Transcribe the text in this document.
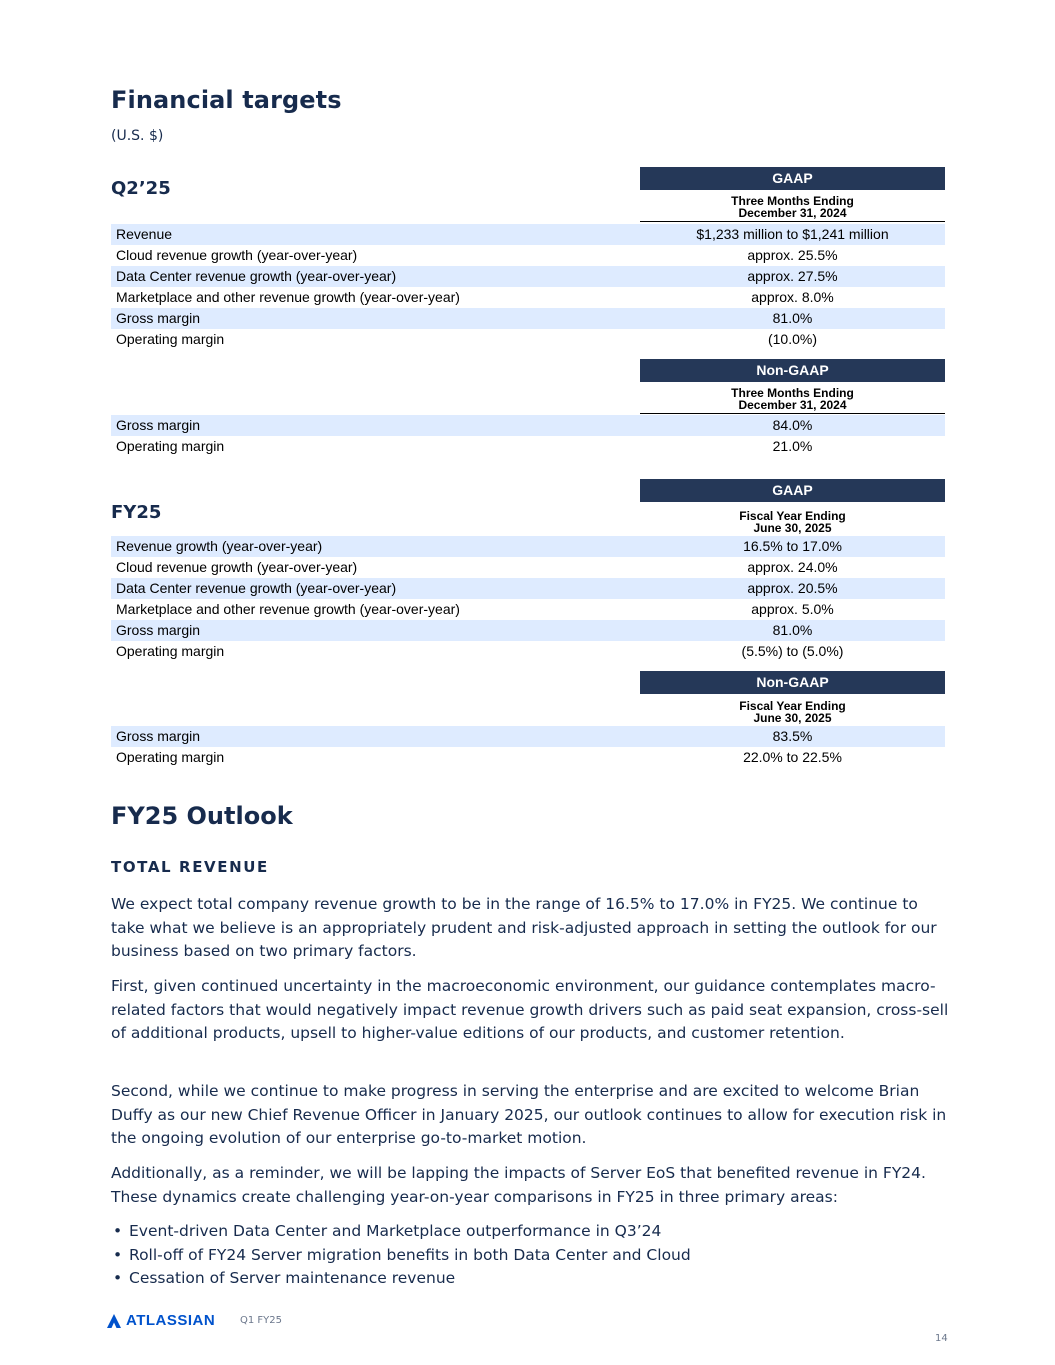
Financial targets
(U.S. $)
Q2’25	GAAP
Three Months Ending
December 31, 2024
Revenue	$1,233 million to $1,241 million
Cloud revenue growth (year-over-year)	approx. 25.5%
Data Center revenue growth (year-over-year)	approx. 27.5%
Marketplace and other revenue growth (year-over-year)	approx. 8.0%
Gross margin	81.0%
Operating margin	(10.0%)
Non-GAAP
Three Months Ending
December 31, 2024
Gross margin	84.0%
Operating margin	21.0%
FY25
GAAP
Fiscal Year Ending
June 30, 2025
Revenue growth (year-over-year)	16.5% to 17.0%
Cloud revenue growth (year-over-year)	approx. 24.0%
Data Center revenue growth (year-over-year)	approx. 20.5%
Marketplace and other revenue growth (year-over-year)	approx. 5.0%
Gross margin	81.0%
Operating margin	(5.5%) to (5.0%)
Non-GAAP
Fiscal Year Ending
June 30, 2025
Gross margin	83.5%
Operating margin	22.0% to 22.5%
FY25 Outlook
TOTAL REVENUE

We expect total company revenue growth to be in the range of 16.5% to 17.0% in FY25. We continue to take what we believe is an appropriately prudent and risk-adjusted approach in setting the outlook for our business based on two primary factors.

First, given continued uncertainty in the macroeconomic environment, our guidance contemplates macro-related factors that would negatively impact revenue growth drivers such as paid seat expansion, cross-sell of additional products, upsell to higher-value editions of our products, and customer retention.

Second, while we continue to make progress in serving the enterprise and are excited to welcome Brian Duffy as our new Chief Revenue Officer in January 2025, our outlook continues to allow for execution risk in the ongoing evolution of our enterprise go-to-market motion.

Additionally, as a reminder, we will be lapping the impacts of Server EoS that benefited revenue in FY24. These dynamics create challenging year-on-year comparisons in FY25 in three primary areas:

• Event-driven Data Center and Marketplace outperformance in Q3’24
• Roll-off of FY24 Server migration benefits in both Data Center and Cloud
• Cessation of Server maintenance revenue
ATLASSIAN Q1 FY25
14
